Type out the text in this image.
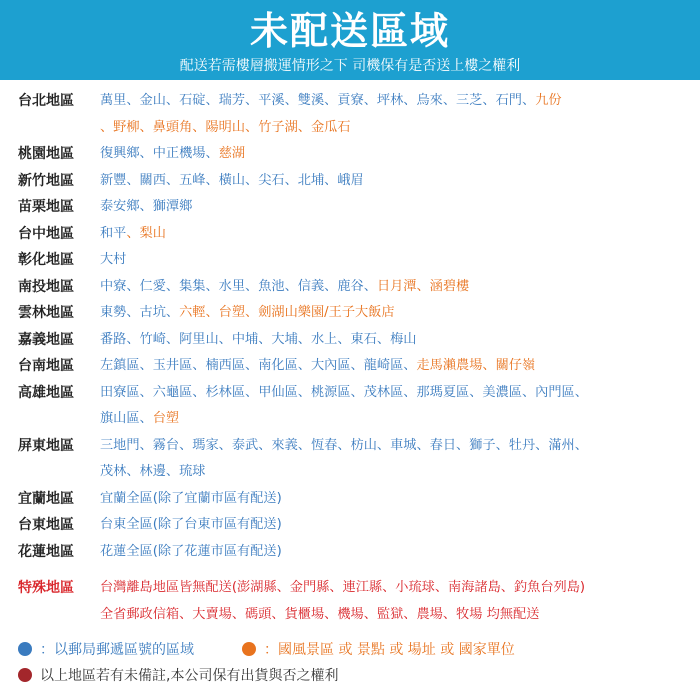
未配送區域
配送若需樓層搬運情形之下 司機保有是否送上樓之權利
台北地區	萬里、金山、石碇、瑞芳、平溪、雙溪、貢寮、坪林、烏來、三芝、石門、九份
、野柳、鼻頭角、陽明山、竹子湖、金瓜石
桃園地區	復興鄉、中正機場、慈湖
新竹地區	新豐、關西、五峰、橫山、尖石、北埔、峨眉
苗栗地區	泰安鄉、獅潭鄉
台中地區	和平、梨山
彰化地區	大村
南投地區	中寮、仁愛、集集、水里、魚池、信義、鹿谷、日月潭、涵碧樓
雲林地區	東勢、古坑、六輕、台塑、劍湖山樂園/王子大飯店
嘉義地區	番路、竹崎、阿里山、中埔、大埔、水上、東石、梅山
台南地區	左鎮區、玉井區、楠西區、南化區、大內區、龍崎區、走馬瀨農場、關仔嶺
高雄地區	田寮區、六龜區、杉林區、甲仙區、桃源區、茂林區、那瑪夏區、美濃區、內門區、
旗山區、台塑
屏東地區	三地門、霧台、瑪家、泰武、來義、恆春、枋山、車城、春日、獅子、牡丹、滿州、
茂林、林邊、琉球
宜蘭地區	宜蘭全區(除了宜蘭市區有配送)
台東地區	台東全區(除了台東市區有配送)
花蓮地區	花蓮全區(除了花蓮市區有配送)
特殊地區	台灣離島地區皆無配送(澎湖縣、金門縣、連江縣、小琉球、南海諸島、釣魚台列島)
全省郵政信箱、大賣場、碼頭、貨櫃場、機場、監獄、農場、牧場 均無配送
：以郵局郵遞區號的區域	：國風景區 或 景點 或 場址 或 國家單位
以上地區若有未備註,本公司保有出貨與否之權利
